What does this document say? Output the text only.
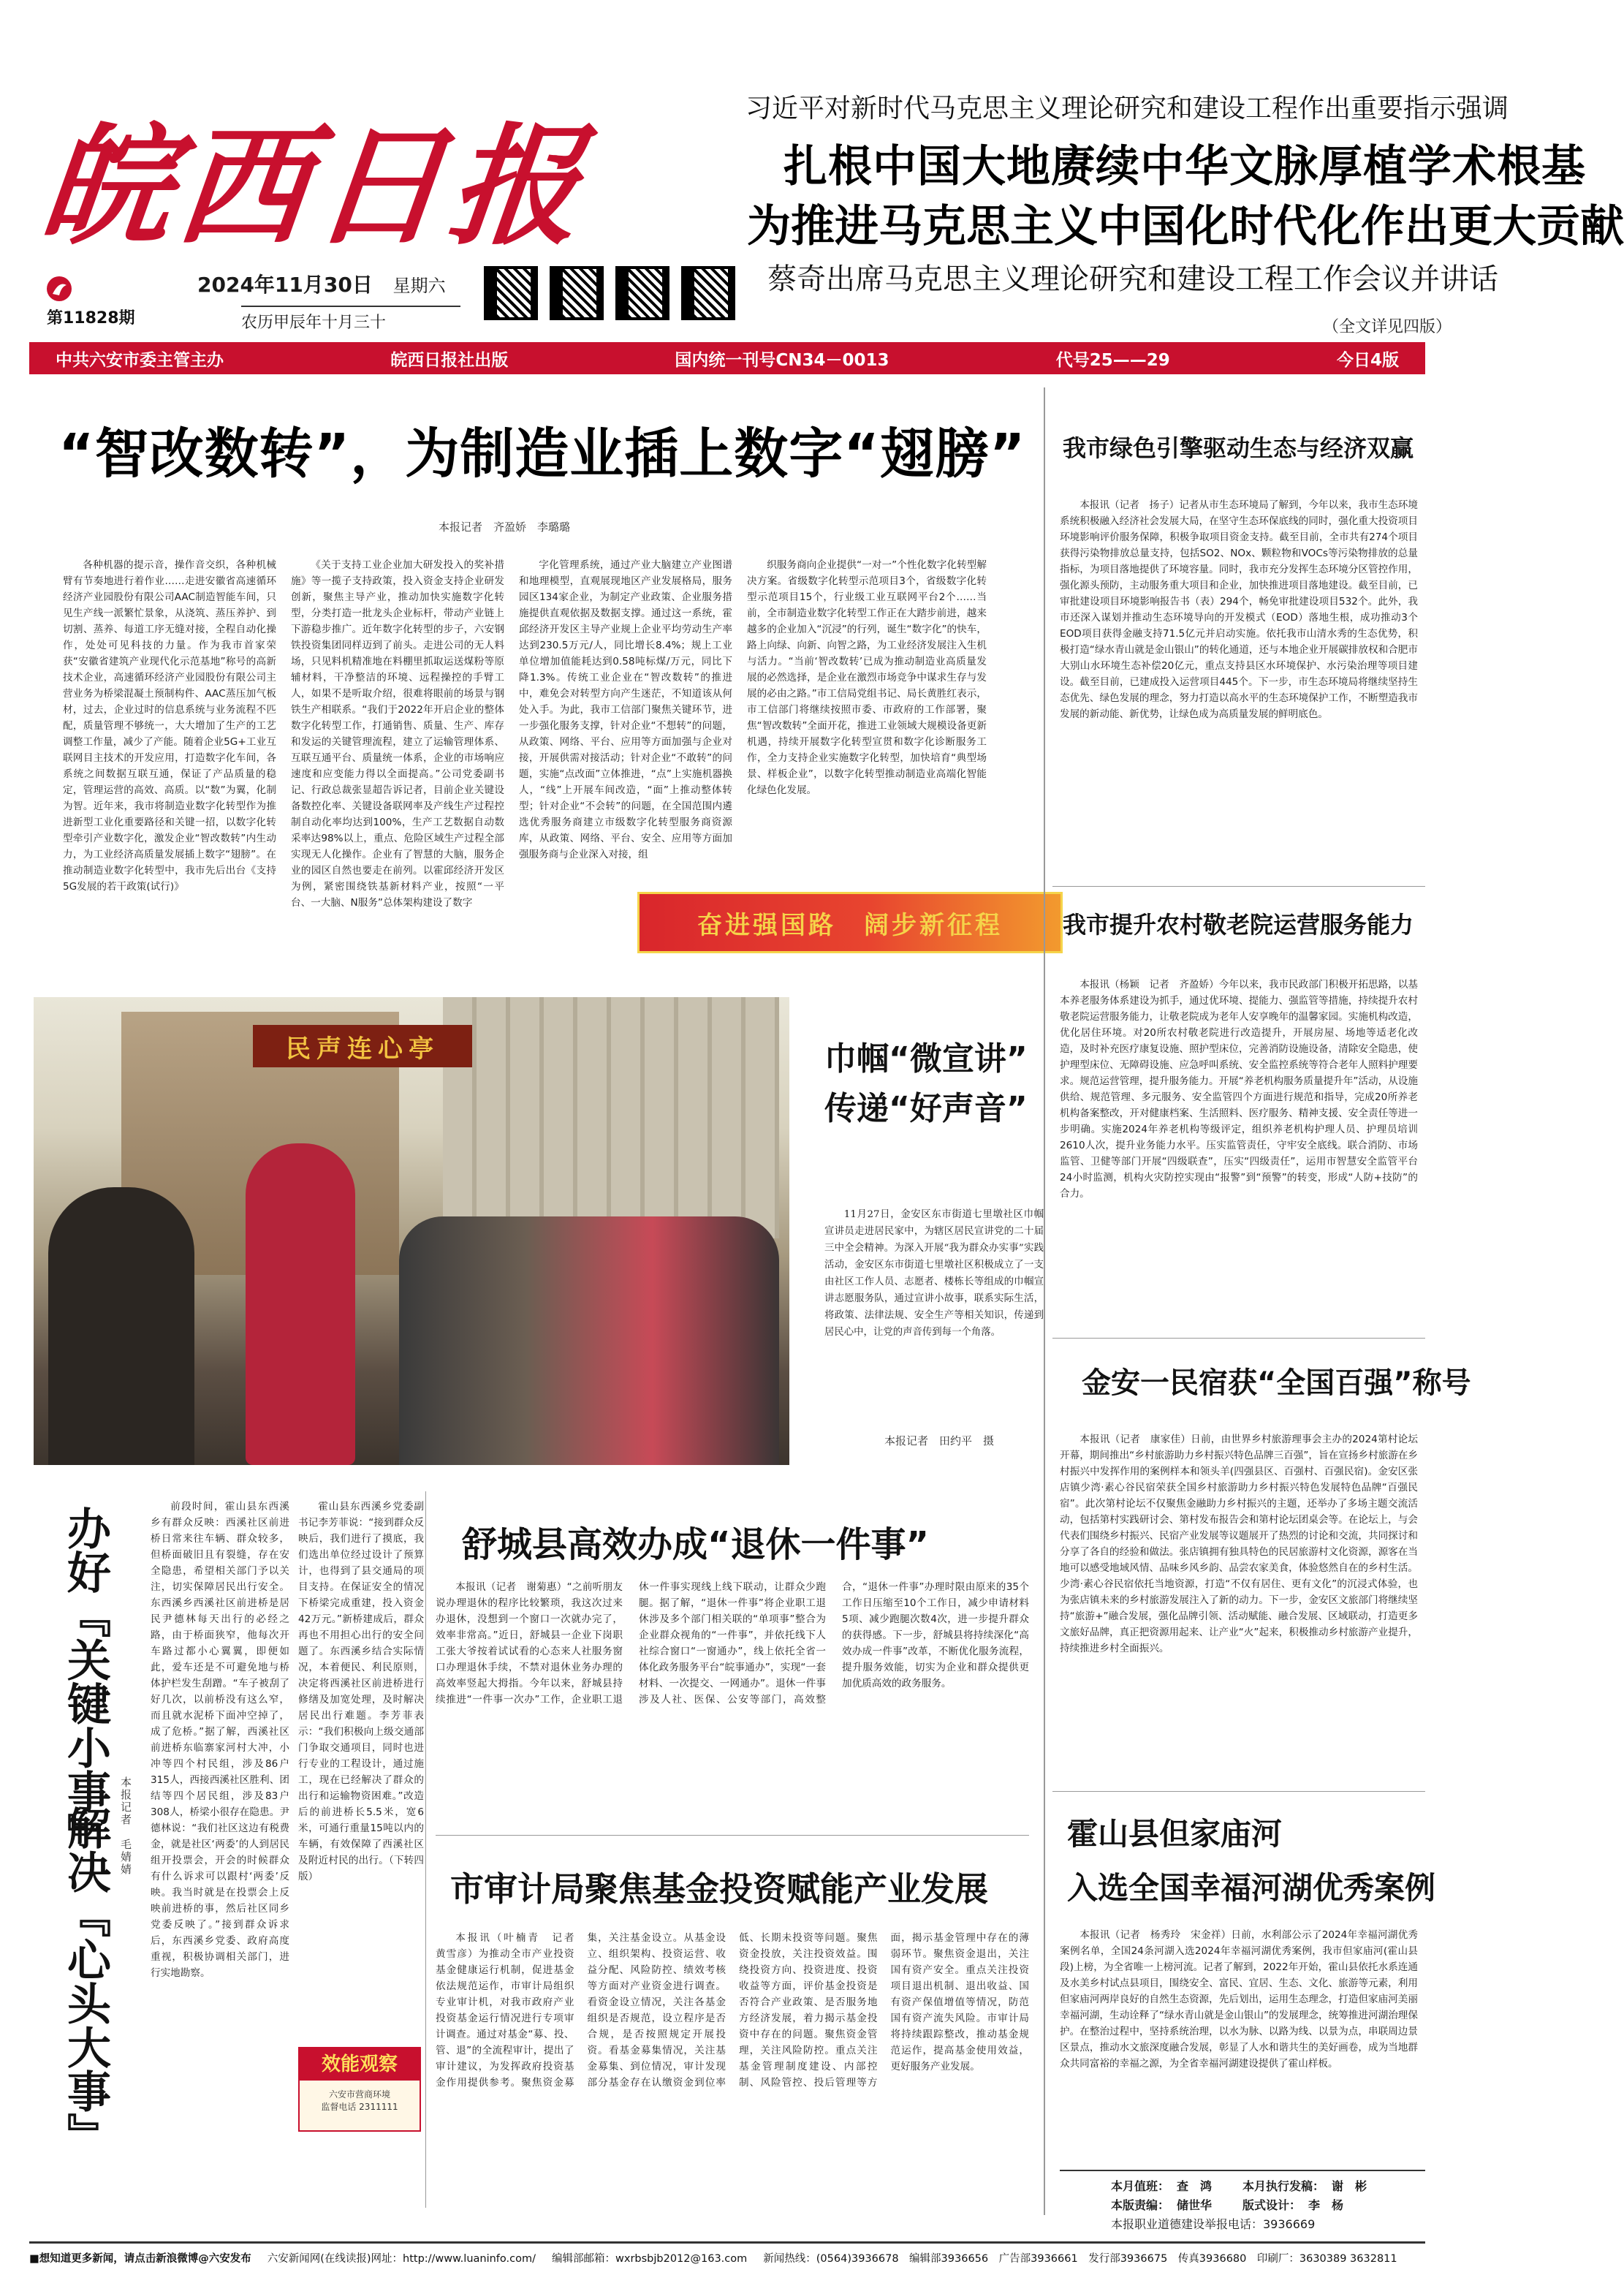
皖西日报
第11828期
2024年11月30日 星期六
农历甲辰年十月三十
习近平对新时代马克思主义理论研究和建设工程作出重要指示强调
扎根中国大地赓续中华文脉厚植学术根基
为推进马克思主义中国化时代化作出更大贡献
蔡奇出席马克思主义理论研究和建设工程工作会议并讲话
（全文详见四版）
中共六安市委主管主办	皖西日报社出版	国内统一刊号CN34－0013	代号25——29	今日4版
“智改数转”，为制造业插上数字“翅膀”
本报记者　齐盈娇　李璐璐

各种机器的提示音，操作音交织，各种机械臂有节奏地进行着作业……走进安徽省高速循环经济产业园股份有限公司AAC制造智能车间，只见生产线一派繁忙景象，从浇筑、蒸压养护、到切割、蒸养、每道工序无缝对接，全程自动化操作，处处可见科技的力量。作为我市首家荣获“安徽省建筑产业现代化示范基地”称号的高新技术企业，高速循环经济产业园股份有限公司主营业务为桥梁混凝土预制构件、AAC蒸压加气板材，过去，企业过时的信息系统与业务流程不匹配，质量管理不够统一，大大增加了生产的工艺调整工作量，减少了产能。随着企业5G+工业互联网目主技术的开发应用，打造数字化车间，各系统之间数据互联互通，保证了产品质量的稳定，管理运营的高效、高质。以“数”为翼，化制为智。近年来，我市将制造业数字化转型作为推进新型工业化重要路径和关键一招，以数字化转型牵引产业数字化，激发企业“智改数转”内生动力，为工业经济高质量发展插上数字“翅膀”。在推动制造业数字化转型中，我市先后出台《支持5G发展的若干政策(试行)》

《关于支持工业企业加大研发投入的奖补措施》等一揽子支持政策，投入资金支持企业研发创新，聚焦主导产业，推动加快实施数字化转型，分类打造一批龙头企业标杆，带动产业链上下游稳步推广。近年数字化转型的步子，六安钢铁投资集团同样迈到了前头。走进公司的无人料场，只见料机精准地在料棚里抓取运送煤粉等原辅材料，干净整洁的环境、远程操控的手臂工人，如果不是听取介绍，很难将眼前的场景与钢铁生产相联系。“我们于2022年开启企业的整体数字化转型工作，打通销售、质量、生产、库存和发运的关键管理流程，建立了运输管理体系、互联互通平台、质量统一体系，企业的市场响应速度和应变能力得以全面提高。”公司党委副书记、行政总裁张显超告诉记者，目前企业关键设备数控化率、关键设备联网率及产线生产过程控制自动化率均达到100%，生产工艺数据自动数采率达98%以上，重点、危险区域生产过程全部实现无人化操作。企业有了智慧的大脑，服务企业的园区自然也要走在前列。以霍邱经济开发区为例，紧密围绕铁基新材料产业，按照“一平台、一大脑、N服务”总体架构建设了数字

字化管理系统，通过产业大脑建立产业图谱和地理模型，直观展现地区产业发展格局，服务园区134家企业，为制定产业政策、企业服务措施提供直观依据及数据支撑。通过这一系统，霍邱经济开发区主导产业规上企业平均劳动生产率达到230.5万元/人，同比增长8.4%；规上工业单位增加值能耗达到0.58吨标煤/万元，同比下降1.3%。传统工业企业在“智改数转”的推进中，难免会对转型方向产生迷茫，不知道该从何处入手。为此，我市工信部门聚焦关键环节，进一步强化服务支撑，针对企业“不想转”的问题，从政策、网络、平台、应用等方面加强与企业对接，开展供需对接活动；针对企业“不敢转”的问题，实施“点改面”立体推进，“点”上实施机器换人，“线”上开展车间改造，“面”上推动整体转型；针对企业“不会转”的问题，在全国范围内遴选优秀服务商建立市级数字化转型服务商资源库，从政策、网络、平台、安全、应用等方面加强服务商与企业深入对接，组

织服务商向企业提供“一对一”个性化数字化转型解决方案。省级数字化转型示范项目3个，省级数字化转型示范项目15个，行业级工业互联网平台2个……当前，全市制造业数字化转型工作正在大踏步前进，越来越多的企业加入“沉浸”的行列，诞生“数字化”的快车，路上向绿、向新、向智之路，为工业经济发展注入生机与活力。“当前‘智改数转’已成为推动制造业高质量发展的必然选择，是企业在激烈市场竞争中谋求生存与发展的必由之路。”市工信局党组书记、局长黄胜红表示，市工信部门将继续按照市委、市政府的工作部署，聚焦“智改数转”全面开花，推进工业领域大规模设备更新机遇，持续开展数字化转型宣贯和数字化诊断服务工作，全力支持企业实施数字化转型，加快培育“典型场景、样板企业”，以数字化转型推动制造业高端化智能化绿色化发展。

奋进强国路　阔步新征程
民声连心亭	巾帼“微宣讲”
传递“好声音”

11月27日，金安区东市街道七里墩社区巾帼宣讲员走进居民家中，为辖区居民宣讲党的二十届三中全会精神。为深入开展“我为群众办实事”实践活动，金安区东市街道七里墩社区积极成立了一支由社区工作人员、志愿者、楼栋长等组成的巾帼宣讲志愿服务队，通过宣讲小故事，联系实际生活，将政策、法律法规、安全生产等相关知识，传递到居民心中，让党的声音传到每一个角落。

本报记者　田约平　摄
办好『关键小事』
解决『心头大事』 本报记者　毛婧婧

前段时间，霍山县东西溪乡有群众反映：西溪社区前进桥日常来往车辆、群众较多，但桥面破旧且有裂缝，存在安全隐患，希望相关部门予以关注，切实保障居民出行安全。东西溪乡西溪社区前进桥是居民尹德林每天出行的必经之路，由于桥面狭窄，他每次开车路过都小心翼翼，即便如此，爱车还是不可避免地与桥体护栏发生刮蹭。“车子被刮了好几次，以前桥没有这么窄，而且就水泥桥下面冲空掉了，成了危桥。”据了解，西溪社区前进桥东临寨家河村大冲，小冲等四个村民组，涉及86户315人，西接西溪社区胜利、团结等四个居民组，涉及83户308人，桥梁小很存在隐患。尹德林说：“我们社区这边有税费金，就是社区‘两委’的人到居民组开投票会，开会的时候群众有什么诉求可以跟村‘两委’反映。我当时就是在投票会上反映前进桥的事，然后社区同乡党委反映了。”接到群众诉求后，东西溪乡党委、政府高度重视，积极协调相关部门，进行实地勘察。

霍山县东西溪乡党委副书记李芳菲说：“接到群众反映后，我们进行了摸底，我们选出单位经过设计了预算计，也得到了县交通局的项目支持。在保证安全的情况下桥梁完成重建，投入资金42万元。”新桥建成后，群众再也不用担心出行的安全问题了。东西溪乡结合实际情况，本着便民、利民原则，决定将西溪社区前进桥进行修缮及加宽处理，及时解决居民出行难题。李芳菲表示：“我们积极向上级交通部门争取交通项目，同时也进行专业的工程设计，通过施工，现在已经解决了群众的出行和运输物资困难。”改造后的前进桥长5.5米，宽6米，可通行重量15吨以内的车辆，有效保障了西溪社区及附近村民的出行。（下转四版）

效能观察
六安市营商环境
监督电话 2311111
舒城县高效办成“退休一件事”

本报讯（记者　谢菊惠）“之前听朋友说办理退休的程序比较繁琐，我这次过来办退休，没想到一个窗口一次就办完了，效率非常高。”近日，舒城县一企业下岗职工张大爷按着试试看的心态来人社服务窗口办理退休手续，不禁对退休业务办理的高效率竖起大拇指。今年以来，舒城县持续推进“一件事一次办”工作，企业职工退休一件事实现线上线下联动，让群众少跑腿。据了解，“退休一件事”将企业职工退休涉及多个部门相关联的“单项事”整合为企业群众视角的“一件事”，并依托线下人社综合窗口“一窗通办”，线上依托全省一体化政务服务平台“皖事通办”，实现“一套材料、一次提交、一网通办”。退休一件事涉及人社、医保、公安等部门，高效整合，“退休一件事”办理时限由原来的35个工作日压缩至10个工作日，减少申请材料5项、减少跑腿次数4次，进一步提升群众的获得感。下一步，舒城县将持续深化“高效办成一件事”改革，不断优化服务流程，提升服务效能，切实为企业和群众提供更加优质高效的政务服务。

市审计局聚焦基金投资赋能产业发展

本报讯（叶楠青　记者　黄雪彦）为推动全市产业投资基金健康运行机制，促进基金依法规范运作，市审计局组织专业审计机，对我市政府产业投资基金运行情况进行专项审计调查。通过对基金“募、投、管、退”的全流程审计，提出了审计建议，为发挥政府投资基金作用提供参考。聚焦资金募集，关注基金设立。从基金设立、组织架构、投资运营、收益分配、风险防控、绩效考核等方面对产业资金进行调查。看资金设立情况，关注各基金组织是否规范，设立程序是否合规，是否按照规定开展投资。看基金募集情况，关注基金募集、到位情况，审计发现部分基金存在认缴资金到位率低、长期未投资等问题。聚焦资金投放，关注投资效益。围绕投资方向、投资进度、投资收益等方面，评价基金投资是否符合产业政策、是否服务地方经济发展，着力揭示基金投资中存在的问题。聚焦资金管理，关注风险防控。重点关注基金管理制度建设、内部控制、风险管控、投后管理等方面，揭示基金管理中存在的薄弱环节。聚焦资金退出，关注国有资产安全。重点关注投资项目退出机制、退出收益、国有资产保值增值等情况，防范国有资产流失风险。市审计局将持续跟踪整改，推动基金规范运作，提高基金使用效益，更好服务产业发展。

我市绿色引擎驱动生态与经济双赢

本报讯（记者　扬子）记者从市生态环境局了解到，今年以来，我市生态环境系统积极融入经济社会发展大局，在坚守生态环保底线的同时，强化重大投资项目环境影响评价服务保障，积极争取项目资金支持。截至目前，全市共有274个项目获得污染物排放总量支持，包括SO2、NOx、颗粒物和VOCs等污染物排放的总量指标，为项目落地提供了环境容量。同时，我市充分发挥生态环境分区管控作用，强化源头预防，主动服务重大项目和企业，加快推进项目落地建设。截至目前，已审批建设项目环境影响报告书（表）294个，畅免审批建设项目532个。此外，我市还深入谋划并推动生态环境导向的开发模式（EOD）落地生根，成功推动3个EOD项目获得金融支持71.5亿元并启动实施。依托我市山清水秀的生态优势，积极打造“绿水青山就是金山银山”的转化通道，还与本地企业开展碳排放权和合肥市大别山水环境生态补偿20亿元，重点支持县区水环境保护、水污染治理等项目建设。截至目前，已建成投入运营项目445个。下一步，市生态环境局将继续坚持生态优先、绿色发展的理念，努力打造以高水平的生态环境保护工作，不断塑造我市发展的新动能、新优势，让绿色成为高质量发展的鲜明底色。

我市提升农村敬老院运营服务能力

本报讯（杨颖　记者　齐盈娇）今年以来，我市民政部门积极开拓思路，以基本养老服务体系建设为抓手，通过优环境、提能力、强监管等措施，持续提升农村敬老院运营服务能力，让敬老院成为老年人安享晚年的温馨家园。实施机构改造，优化居住环境。对20所农村敬老院进行改造提升，开展房屋、场地等适老化改造，及时补充医疗康复设施、照护型床位，完善消防设施设备，清除安全隐患，使护理型床位、无障碍设施、应急呼叫系统、安全监控系统等符合老年人照料护理要求。规范运营管理，提升服务能力。开展“养老机构服务质量提升年”活动，从设施供给、规范管理、多元服务、安全监管四个方面进行规范和指导，完成20所养老机构备案整改，开对健康档案、生活照料、医疗服务、精神支援、安全责任等进一步明确。实施2024年养老机构等级评定，组织养老机构护理人员、护理员培训2610人次，提升业务能力水平。压实监管责任，守牢安全底线。联合消防、市场监管、卫健等部门开展“四级联查”，压实“四级责任”，运用市智慧安全监管平台24小时监测，机构火灾防控实现由“报警”到“预警”的转变，形成“人防+技防”的合力。

金安一民宿获“全国百强”称号

本报讯（记者　康家佳）日前，由世界乡村旅游理事会主办的2024第村论坛开幕，期间推出“乡村旅游助力乡村振兴特色品牌三百强”，旨在宣扬乡村旅游在乡村振兴中发挥作用的案例样本和领头羊(四强县区、百强村、百强民宿)。金安区张店镇少湾·素心谷民宿荣获全国乡村旅游助力乡村振兴特色发展特色品牌“百强民宿”。此次第村论坛不仅聚焦金融助力乡村振兴的主题，还举办了多场主题交流活动，包括第村实践研讨会、第村发布报告会和第村论坛团桌会等。在论坛上，与会代表们围绕乡村振兴、民宿产业发展等议题展开了热烈的讨论和交流，共同探讨和分享了各自的经验和做法。张店镇拥有独具特色的民居旅游村文化资源，源客在当地可以感受地域风情、品味乡风乡韵、品尝农家美食，体验悠然自在的乡村生活。少湾·素心谷民宿依托当地资源，打造“不仅有居住、更有文化”的沉浸式体验，也为张店镇未来的乡村旅游发展注入了新的动力。下一步，金安区文旅部门将继续坚持“旅游+”融合发展，强化品牌引领、活动赋能、融合发展、区域联动，打造更多文旅好品牌，真正把资源用起来、让产业“火”起来，积极推动乡村旅游产业提升，持续推进乡村全面振兴。

霍山县但家庙河
入选全国幸福河湖优秀案例

本报讯（记者　杨秀玲　宋金祥）日前，水利部公示了2024年幸福河湖优秀案例名单，全国24条河湖入选2024年幸福河湖优秀案例，我市但家庙河(霍山县段)上榜，为全省唯一上榜河流。记者了解到，2022年开始，霍山县依托水系连通及水美乡村试点县项目，围绕安全、富民、宜居、生态、文化、旅游等元素，利用但家庙河两岸良好的自然生态资源，先后划出，运用生态理念，打造但家庙河美丽幸福河湖，生动诠释了“绿水青山就是金山银山”的发展理念，统筹推进河湖治理保护。在整治过程中，坚持系统治理，以水为脉、以路为线、以景为点，串联周边景区景点，推动水文旅深度融合发展，彰显了人水和谐共生的美好画卷，成为当地群众共同富裕的幸福之源，为全省幸福河湖建设提供了霍山样板。

本月值班： 查　鸿	本月执行发稿： 谢　彬
本版责编： 储世华	版式设计： 李　杨
本报职业道德建设举报电话：3936669
■想知道更多新闻，请点击新浪微博@六安发布 六安新闻网(在线读报)网址：http://www.luaninfo.com/ 编辑部邮箱：wxrbsbjb2012@163.com 新闻热线：(0564)3936678　编辑部3936656　广告部3936661　发行部3936675　传真3936680　印刷厂：3630389 3632811
